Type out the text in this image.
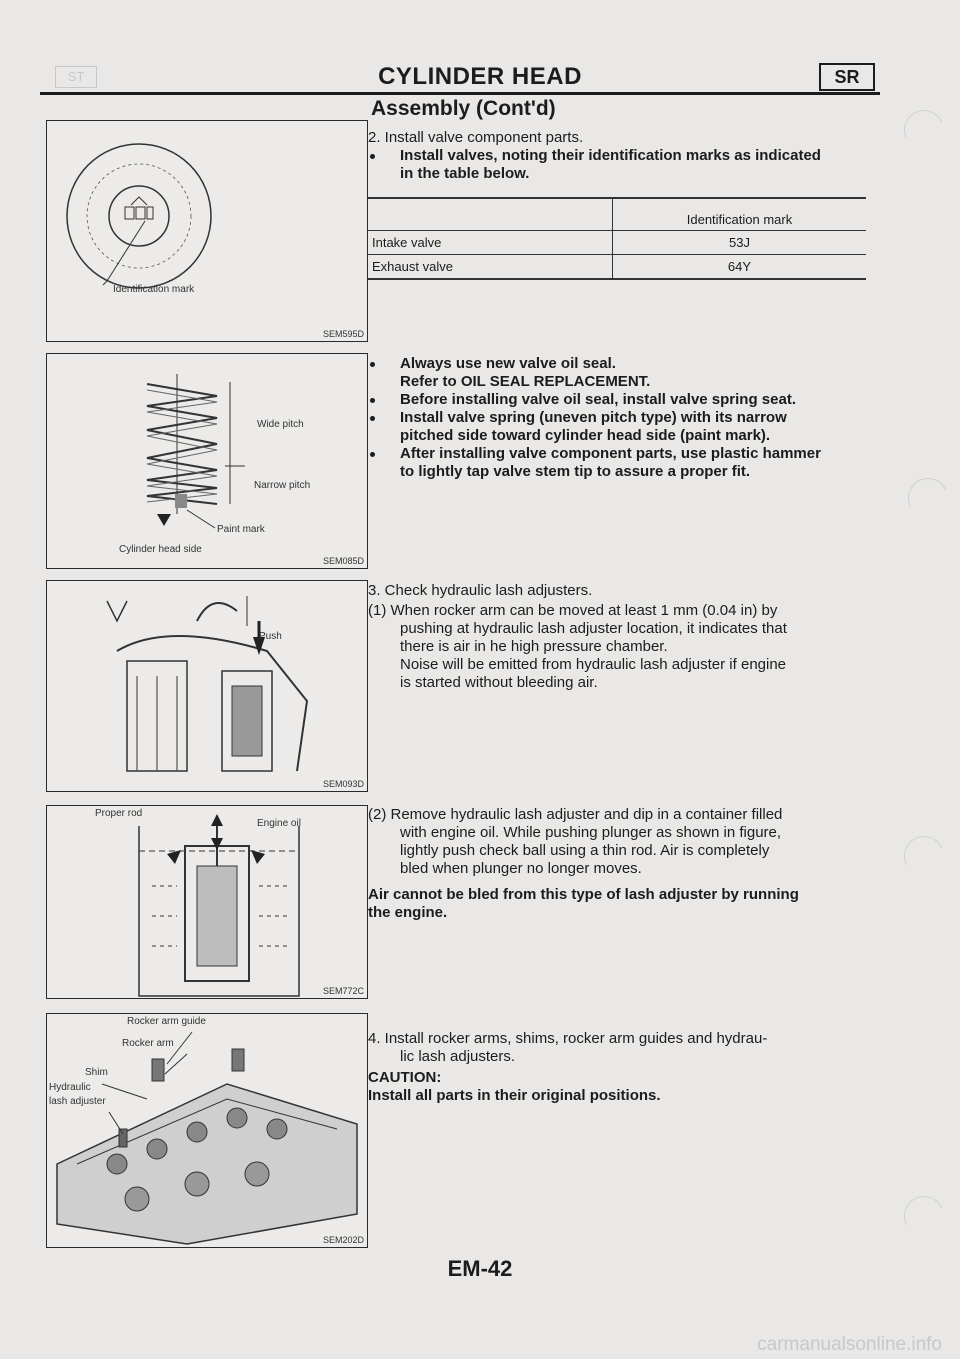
ST	CYLINDER HEAD	SR
Assembly (Cont'd)
Identification mark
SEM595D
Wide pitch
Narrow pitch
Paint mark
Cylinder head side
SEM085D
Push
SEM093D
Proper rod
Engine oil
SEM772C
Rocker arm guide
Rocker arm
Shim
Hydraulic
lash adjuster
SEM202D
2. Install valve component parts.
Install valves, noting their identification marks as indicated
in the table below.
	Identification mark
Intake valve	53J
Exhaust valve	64Y
Always use new valve oil seal.
Refer to OIL SEAL REPLACEMENT.
Before installing valve oil seal, install valve spring seat.
Install valve spring (uneven pitch type) with its narrow
pitched side toward cylinder head side (paint mark).
After installing valve component parts, use plastic hammer
to lightly tap valve stem tip to assure a proper fit.
3. Check hydraulic lash adjusters.
(1) When rocker arm can be moved at least 1 mm (0.04 in) by
pushing at hydraulic lash adjuster location, it indicates that
there is air in he high pressure chamber.
Noise will be emitted from hydraulic lash adjuster if engine
is started without bleeding air.
(2) Remove hydraulic lash adjuster and dip in a container filled
with engine oil. While pushing plunger as shown in figure,
lightly push check ball using a thin rod. Air is completely
bled when plunger no longer moves.
Air cannot be bled from this type of lash adjuster by running
the engine.
4. Install rocker arms, shims, rocker arm guides and hydrau-
lic lash adjusters.
CAUTION:
Install all parts in their original positions.
EM-42
carmanualsonline.info
